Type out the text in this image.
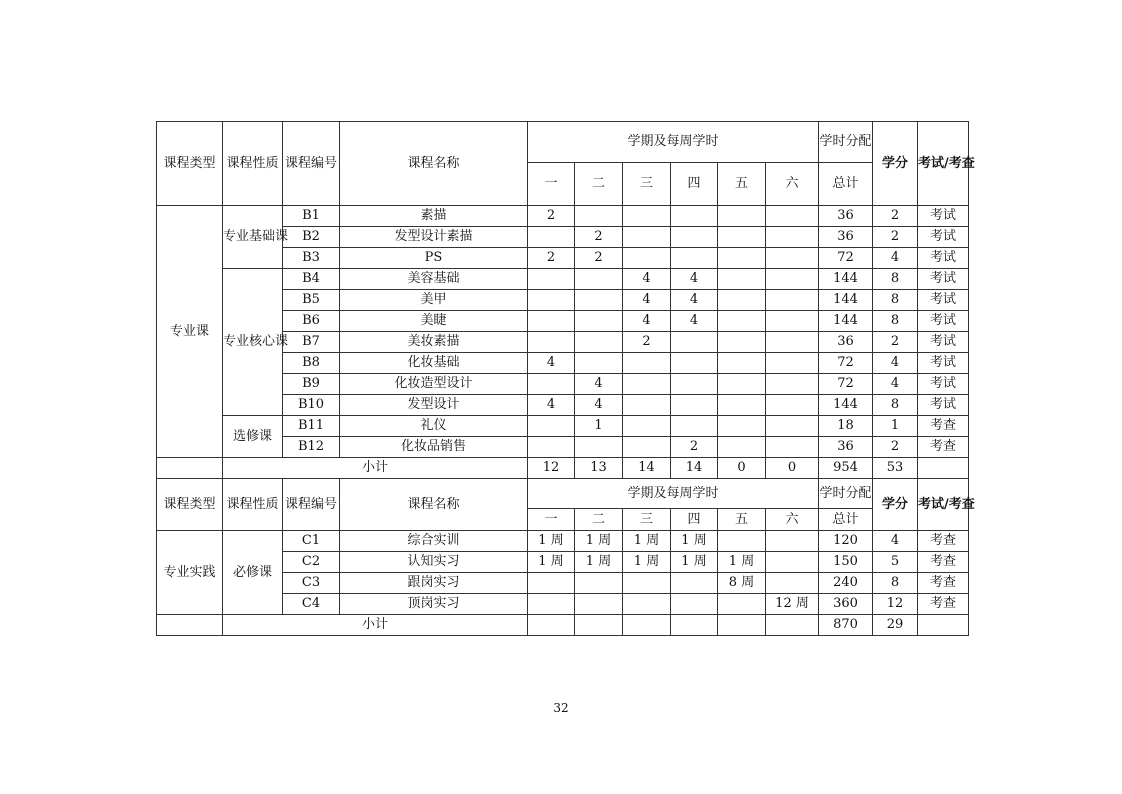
课程类型	课程性质	课程编号	课程名称	学期及每周学时						学时分配	学分	考试/考查
				一	二	三	四	五	六	总计		
专业课	专业基础课	B1	素描	2						36	2	考试
		B2	发型设计素描		2					36	2	考试
		B3	PS	2	2					72	4	考试
	专业核心课	B4	美容基础			4	4			144	8	考试
		B5	美甲			4	4			144	8	考试
		B6	美睫			4	4			144	8	考试
		B7	美妆素描			2				36	2	考试
		B8	化妆基础	4						72	4	考试
		B9	化妆造型设计		4					72	4	考试
		B10	发型设计	4	4					144	8	考试
	选修课	B11	礼仪		1					18	1	考查
		B12	化妆品销售				2			36	2	考查
	小计			12	13	14	14	0	0	954	53	
课程类型	课程性质	课程编号	课程名称	学期及每周学时						学时分配	学分	考试/考查
				一	二	三	四	五	六	总计		
专业实践	必修课	C1	综合实训	1 周	1 周	1 周	1 周			120	4	考查
		C2	认知实习	1 周	1 周	1 周	1 周	1 周		150	5	考查
		C3	跟岗实习					8 周		240	8	考查
		C4	顶岗实习						12 周	360	12	考查
	小计									870	29	
32
